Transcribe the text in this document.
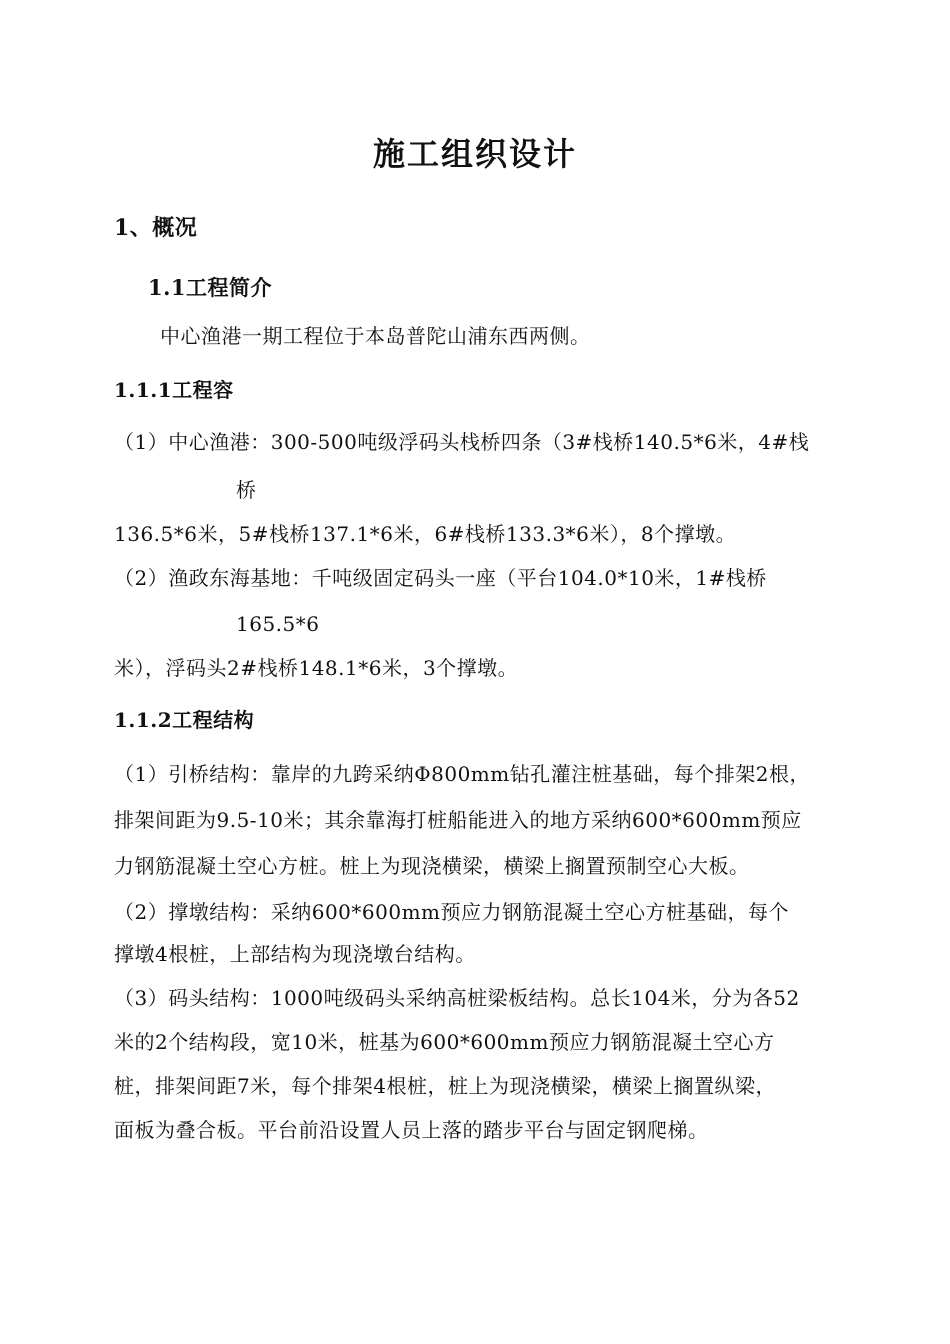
施工组织设计
1、概况
1.1工程简介
中心渔港一期工程位于本岛普陀山浦东西两侧。
1.1.1工程容
（1）中心渔港：300-500吨级浮码头栈桥四条（3#栈桥140.5*6米，4#栈
桥
136.5*6米，5#栈桥137.1*6米，6#栈桥133.3*6米），8个撑墩。
（2）渔政东海基地：千吨级固定码头一座（平台104.0*10米，1#栈桥
165.5*6
米），浮码头2#栈桥148.1*6米，3个撑墩。
1.1.2工程结构
（1）引桥结构：靠岸的九跨采纳Φ800mm钻孔灌注桩基础，每个排架2根，
排架间距为9.5-10米；其余靠海打桩船能进入的地方采纳600*600mm预应
力钢筋混凝土空心方桩。桩上为现浇横梁，横梁上搁置预制空心大板。
（2）撑墩结构：采纳600*600mm预应力钢筋混凝土空心方桩基础，每个
撑墩4根桩，上部结构为现浇墩台结构。
（3）码头结构：1000吨级码头采纳高桩梁板结构。总长104米，分为各52
米的2个结构段，宽10米，桩基为600*600mm预应力钢筋混凝土空心方
桩，排架间距7米，每个排架4根桩，桩上为现浇横梁，横梁上搁置纵梁，
面板为叠合板。平台前沿设置人员上落的踏步平台与固定钢爬梯。
